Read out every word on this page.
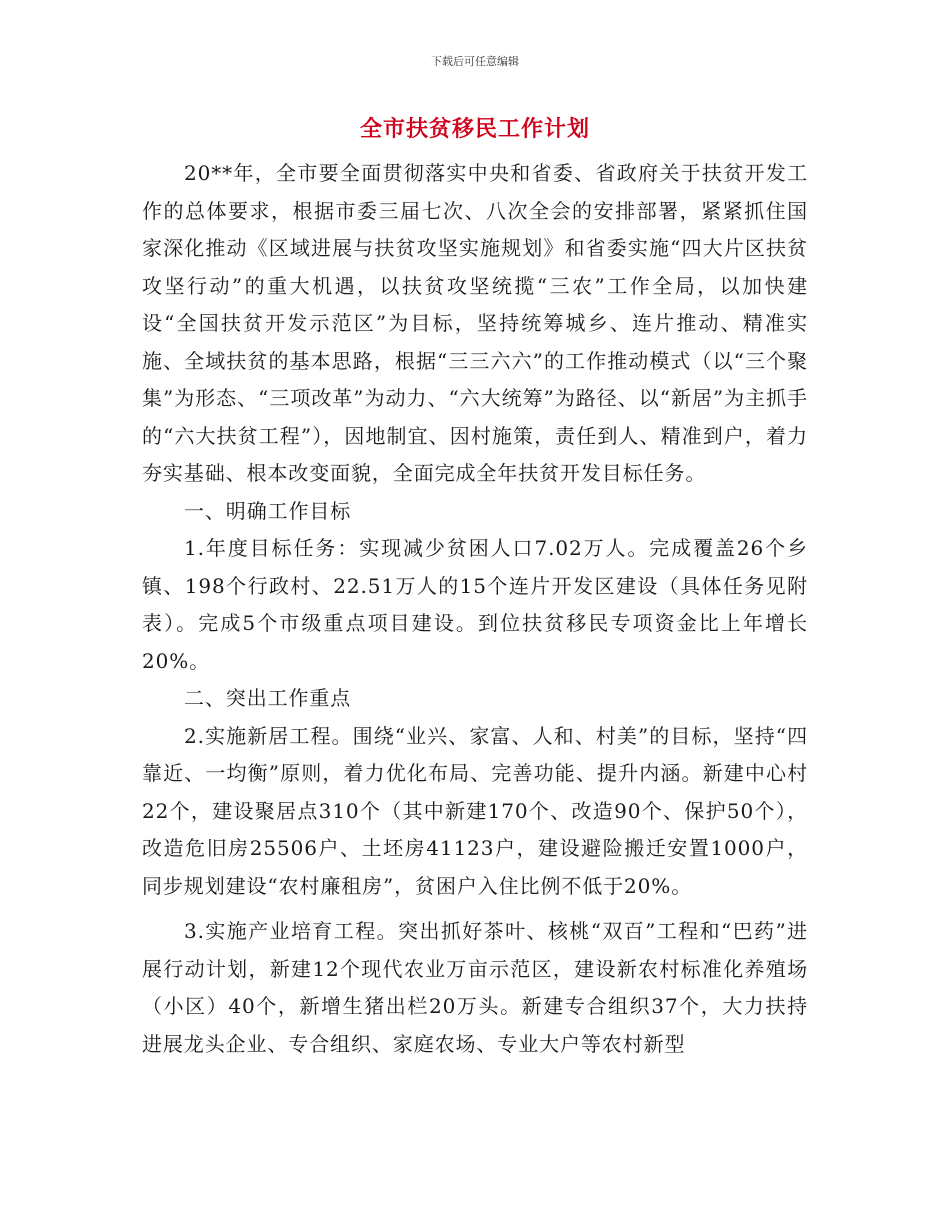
下载后可任意编辑
全市扶贫移民工作计划

20**年，全市要全面贯彻落实中央和省委、省政府关于扶贫开发工作的总体要求，根据市委三届七次、八次全会的安排部署，紧紧抓住国家深化推动《区域进展与扶贫攻坚实施规划》和省委实施“四大片区扶贫攻坚行动”的重大机遇，以扶贫攻坚统揽“三农”工作全局，以加快建设“全国扶贫开发示范区”为目标，坚持统筹城乡、连片推动、精准实施、全域扶贫的基本思路，根据“三三六六”的工作推动模式（以“三个聚集”为形态、“三项改革”为动力、“六大统筹”为路径、以“新居”为主抓手的“六大扶贫工程”），因地制宜、因村施策，责任到人、精准到户，着力夯实基础、根本改变面貌，全面完成全年扶贫开发目标任务。

一、明确工作目标

1.年度目标任务：实现减少贫困人口7.02万人。完成覆盖26个乡镇、198个行政村、22.51万人的15个连片开发区建设（具体任务见附表）。完成5个市级重点项目建设。到位扶贫移民专项资金比上年增长20%。

二、突出工作重点

2.实施新居工程。围绕“业兴、家富、人和、村美”的目标，坚持“四靠近、一均衡”原则，着力优化布局、完善功能、提升内涵。新建中心村22个，建设聚居点310个（其中新建170个、改造90个、保护50个），改造危旧房25506户、土坯房41123户，建设避险搬迁安置1000户，同步规划建设“农村廉租房”，贫困户入住比例不低于20%。

3.实施产业培育工程。突出抓好茶叶、核桃“双百”工程和“巴药”进展行动计划，新建12个现代农业万亩示范区，建设新农村标准化养殖场（小区）40个，新增生猪出栏20万头。新建专合组织37个，大力扶持进展龙头企业、专合组织、家庭农场、专业大户等农村新型
